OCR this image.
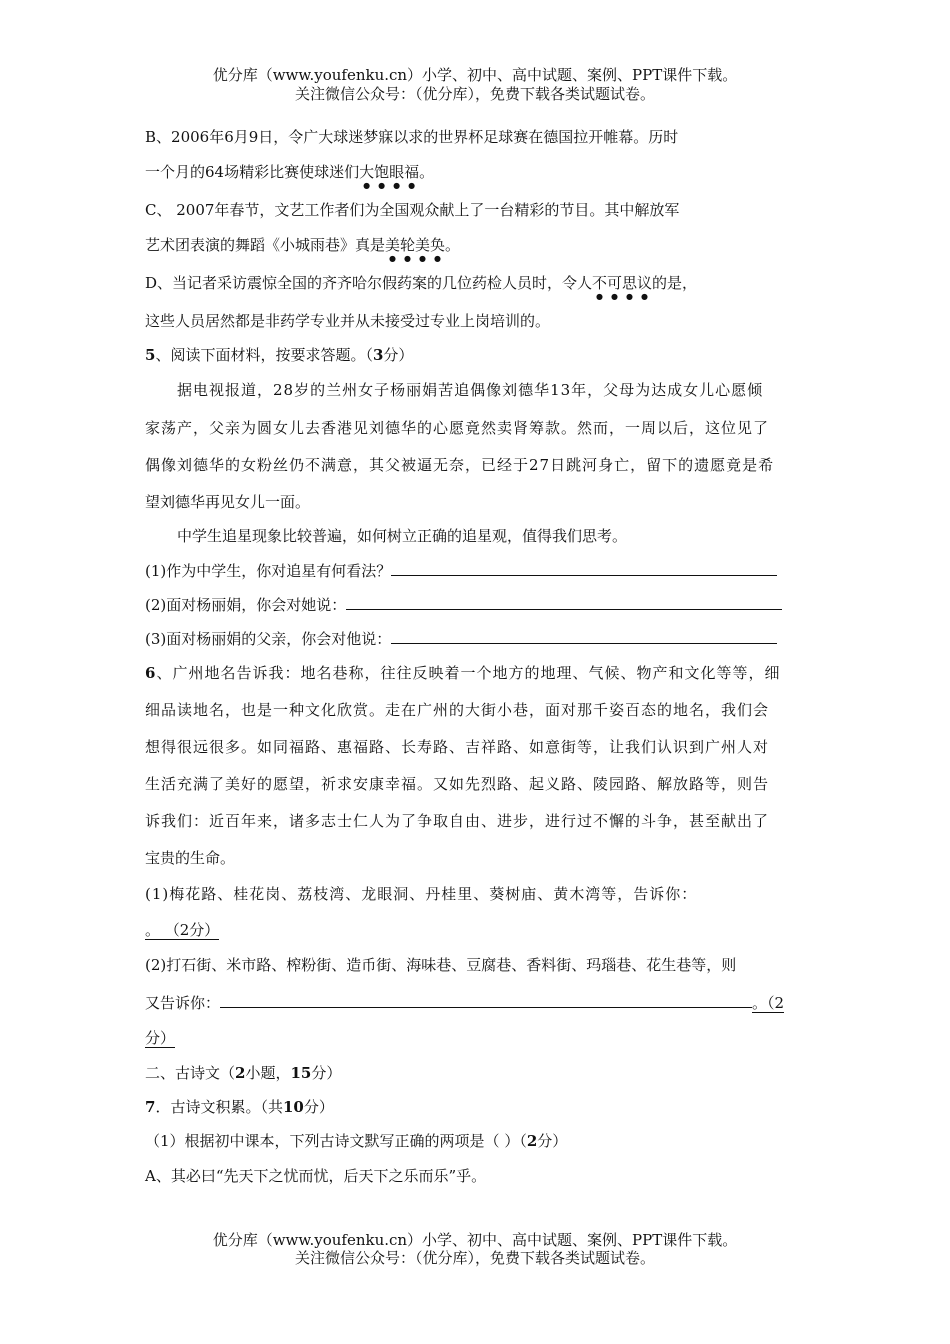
优分库（www.youfenku.cn）小学、初中、高中试题、案例、PPT课件下载。
关注微信公众号：（优分库），免费下载各类试题试卷。
B、2006年6月9日，令广大球迷梦寐以求的世界杯足球赛在德国拉开帷幕。历时
一个月的64场精彩比赛使球迷们大饱眼福。
C、 2007年春节，文艺工作者们为全国观众献上了一台精彩的节目。其中解放军
艺术团表演的舞蹈《小城雨巷》真是美轮美奂。
D、当记者采访震惊全国的齐齐哈尔假药案的几位药检人员时，令人不可思议的是，
这些人员居然都是非药学专业并从未接受过专业上岗培训的。
5、阅读下面材料，按要求答题。（3分）
据电视报道，28岁的兰州女子杨丽娟苦追偶像刘德华13年，父母为达成女儿心愿倾
家荡产，父亲为圆女儿去香港见刘德华的心愿竟然卖肾筹款。然而，一周以后，这位见了
偶像刘德华的女粉丝仍不满意，其父被逼无奈，已经于27日跳河身亡，留下的遗愿竟是希
望刘德华再见女儿一面。
中学生追星现象比较普遍，如何树立正确的追星观，值得我们思考。
(1)作为中学生，你对追星有何看法？
(2)面对杨丽娟，你会对她说：
(3)面对杨丽娟的父亲，你会对他说：
6、广州地名告诉我：地名巷称，往往反映着一个地方的地理、气候、物产和文化等等，细
细品读地名，也是一种文化欣赏。走在广州的大街小巷，面对那千姿百态的地名，我们会
想得很远很多。如同福路、惠福路、长寿路、吉祥路、如意街等，让我们认识到广州人对
生活充满了美好的愿望，祈求安康幸福。又如先烈路、起义路、陵园路、解放路等，则告
诉我们：近百年来，诸多志士仁人为了争取自由、进步，进行过不懈的斗争，甚至献出了
宝贵的生命。
(1)梅花路、桂花岗、荔枝湾、龙眼洞、丹桂里、葵树庙、黄木湾等，告诉你：
。 （2分）
(2)打石街、米市路、榨粉街、造币街、海味巷、豆腐巷、香料街、玛瑙巷、花生巷等，则
又告诉你：	。（2
分）
二、古诗文（2小题，15分）
7．古诗文积累。（共10分）
（1）根据初中课本，下列古诗文默写正确的两项是（ ）（2分）
A、其必曰“先天下之忧而忧，后天下之乐而乐”乎。
优分库（www.youfenku.cn）小学、初中、高中试题、案例、PPT课件下载。
关注微信公众号：（优分库），免费下载各类试题试卷。
